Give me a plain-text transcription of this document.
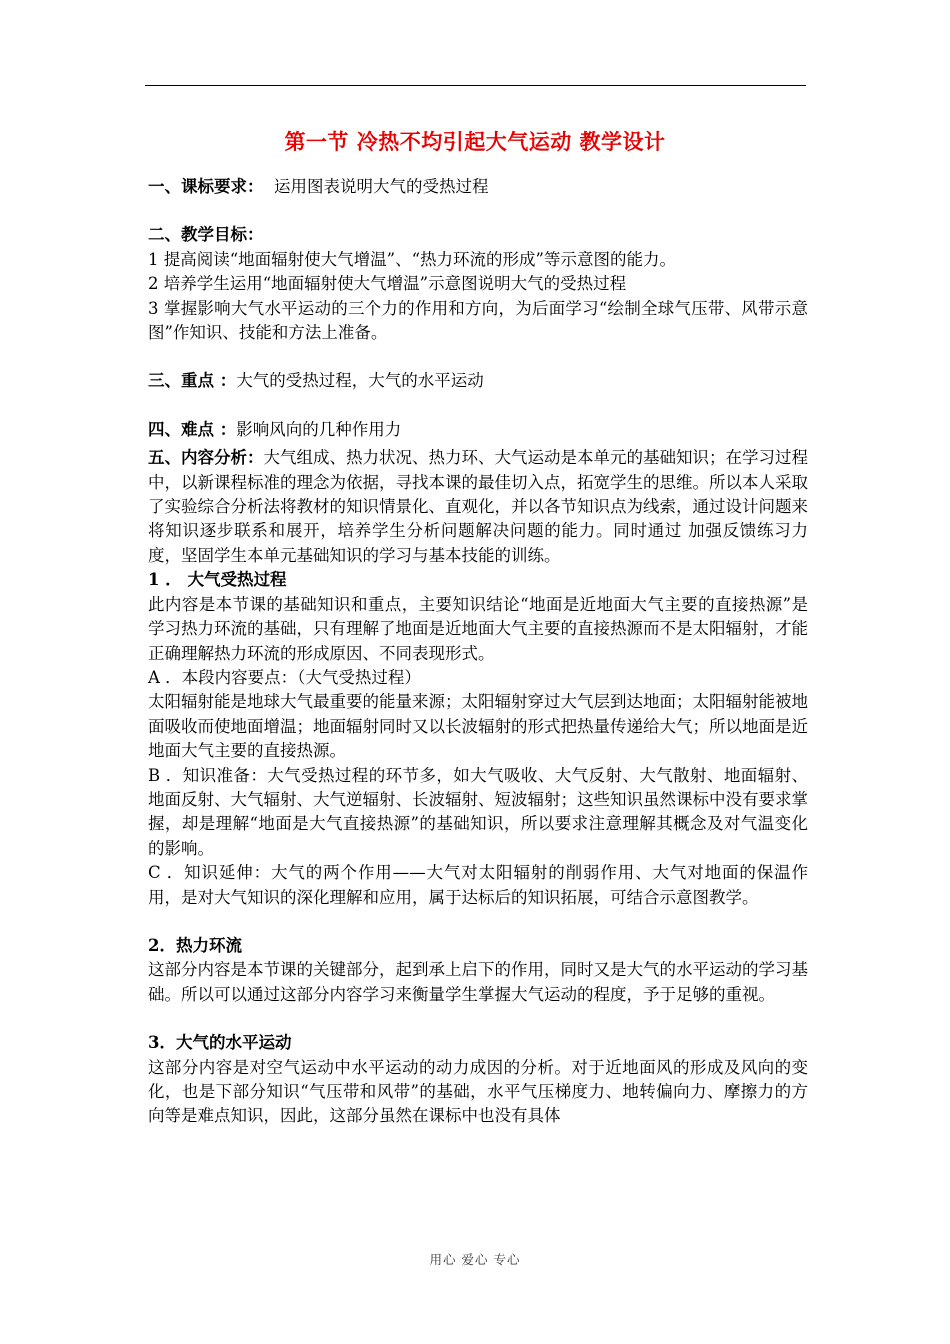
第一节 冷热不均引起大气运动 教学设计

一、课标要求： 运用图表说明大气的受热过程

二、教学目标：

1 提高阅读“地面辐射使大气增温”、“热力环流的形成”等示意图的能力。

2 培养学生运用“地面辐射使大气增温”示意图说明大气的受热过程

3 掌握影响大气水平运动的三个力的作用和方向，为后面学习“绘制全球气压带、风带示意图”作知识、技能和方法上准备。

三、重点 ：大气的受热过程，大气的水平运动

四、难点 ：影响风向的几种作用力

五、内容分析：大气组成、热力状况、热力环、大气运动是本单元的基础知识；在学习过程中，以新课程标准的理念为依据，寻找本课的最佳切入点，拓宽学生的思维。所以本人采取了实验综合分析法将教材的知识情景化、直观化，并以各节知识点为线索，通过设计问题来将知识逐步联系和展开，培养学生分析问题解决问题的能力。同时通过 加强反馈练习力度，坚固学生本单元基础知识的学习与基本技能的训练。

1 ． 大气受热过程

此内容是本节课的基础知识和重点，主要知识结论“地面是近地面大气主要的直接热源”是学习热力环流的基础，只有理解了地面是近地面大气主要的直接热源而不是太阳辐射，才能正确理解热力环流的形成原因、不同表现形式。

A ．本段内容要点：（大气受热过程）

太阳辐射能是地球大气最重要的能量来源；太阳辐射穿过大气层到达地面；太阳辐射能被地面吸收而使地面增温；地面辐射同时又以长波辐射的形式把热量传递给大气；所以地面是近地面大气主要的直接热源。

B ．知识准备：大气受热过程的环节多，如大气吸收、大气反射、大气散射、地面辐射、地面反射、大气辐射、大气逆辐射、长波辐射、短波辐射；这些知识虽然课标中没有要求掌握，却是理解“地面是大气直接热源”的基础知识，所以要求注意理解其概念及对气温变化的影响。

C ．知识延伸：大气的两个作用——大气对太阳辐射的削弱作用、大气对地面的保温作用，是对大气知识的深化理解和应用，属于达标后的知识拓展，可结合示意图教学。

2．热力环流

这部分内容是本节课的关键部分，起到承上启下的作用，同时又是大气的水平运动的学习基础。所以可以通过这部分内容学习来衡量学生掌握大气运动的程度，予于足够的重视。

3．大气的水平运动

这部分内容是对空气运动中水平运动的动力成因的分析。对于近地面风的形成及风向的变化，也是下部分知识“气压带和风带”的基础，水平气压梯度力、地转偏向力、摩擦力的方向等是难点知识，因此，这部分虽然在课标中也没有具体

用心 爱心 专心
